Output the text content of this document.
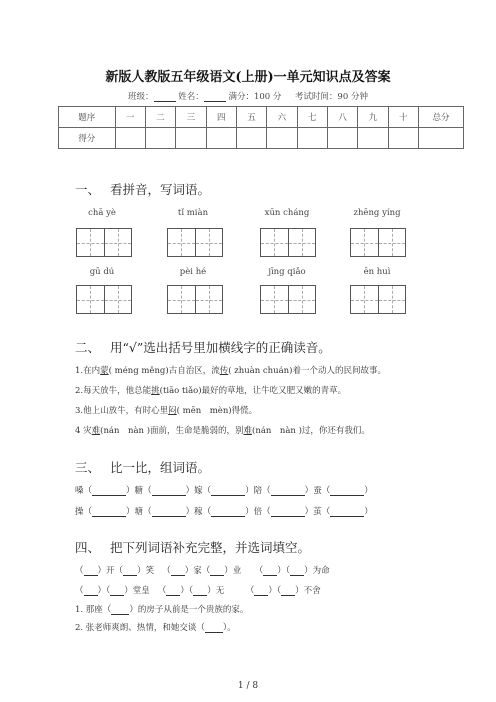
新版人教版五年级语文(上册)一单元知识点及答案
班级：	姓名：	满分：100 分 考试时间：90 分钟
题序	一	二	三	四	五	六	七	八	九	十	总分
得分											
一、 看拼音，写词语。
chā yè	tǐ miàn	xūn cháng	zhēng yíng
gū dú	pèi hé	jīng qiǎo	ēn huì
二、 用“√”选出括号里加横线字的正确读音。
1.在内蒙( méng měng)古自治区，流传( zhuàn chuán)着一个动人的民间故事。
2.每天放牛，他总能挑(tiāo tiǎo)最好的草地，让牛吃又肥又嫩的青草。
3.他上山放牛，有时心里闷( mēn　mèn)得慌。
4 灾难(nán　nàn )面前，生命是脆弱的，别难(nán　nàn )过，你还有我们。
三、 比一比，组词语。
嗓（	）糖（	）嫁（	）陪（	）蚕（	）
操（	）塘（	）稼（	）倍（	）茧（	）
四、 把下列词语补充完整，并选词填空。
（ ）开（ ）笑   （ ）家（ ）业     （ ）（ ）为命
（ ）（ ）堂皇   （ ）（ ）无        （ ）（ ）不舍
1. 那座（ ）的房子从前是一个贵族的家。
2. 张老师爽朗、热情，和她交谈（ ）。
1 / 8
